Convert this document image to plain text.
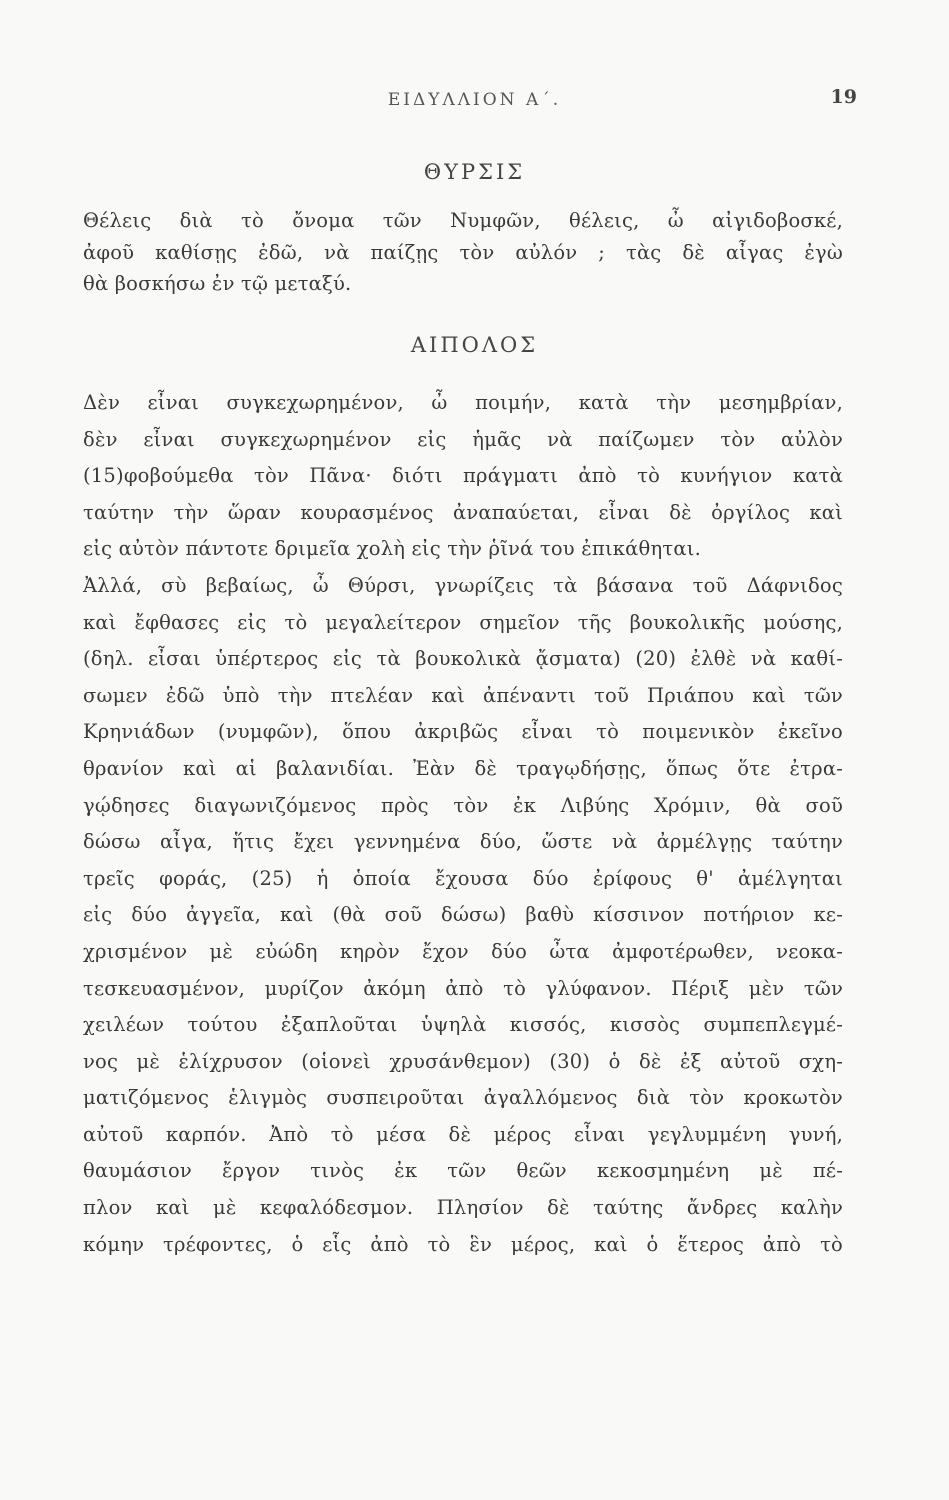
ΕΙΔΥΛΛΙΟΝ Α΄.	19
ΘΥΡΣΙΣ
Θέλεις διὰ τὸ ὄνομα τῶν Νυμφῶν, θέλεις, ὦ αἰγιδοβοσκέ,
ἀφοῦ καθίσῃς ἐδῶ, νὰ παίζῃς τὸν αὐλόν ; τὰς δὲ αἶγας ἐγὼ
θὰ βοσκήσω ἐν τῷ μεταξύ.
ΑΙΠΟΛΟΣ
Δὲν εἶναι συγκεχωρημένον, ὦ ποιμήν, κατὰ τὴν μεσημβρίαν,
δὲν εἶναι συγκεχωρημένον εἰς ἡμᾶς νὰ παίζωμεν τὸν αὐλὸν
(15)φοβούμεθα τὸν Πᾶνα· διότι πράγματι ἀπὸ τὸ κυνήγιον κατὰ
ταύτην τὴν ὥραν κουρασμένος ἀναπαύεται, εἶναι δὲ ὀργίλος καὶ
εἰς αὐτὸν πάντοτε δριμεῖα χολὴ εἰς τὴν ῥῖνά του ἐπικάθηται.
Ἀλλά, σὺ βεβαίως, ὦ Θύρσι, γνωρίζεις τὰ βάσανα τοῦ Δάφνιδος
καὶ ἔφθασες εἰς τὸ μεγαλείτερον σημεῖον τῆς βουκολικῆς μούσης,
(δηλ. εἶσαι ὑπέρτερος εἰς τὰ βουκολικὰ ᾄσματα) (20) ἐλθὲ νὰ καθί-
σωμεν ἐδῶ ὑπὸ τὴν πτελέαν καὶ ἀπέναντι τοῦ Πριάπου καὶ τῶν
Κρηνιάδων (νυμφῶν), ὅπου ἀκριβῶς εἶναι τὸ ποιμενικὸν ἐκεῖνο
θρανίον καὶ αἱ βαλανιδίαι. Ἐὰν δὲ τραγῳδήσῃς, ὅπως ὅτε ἐτρα-
γῴδησες διαγωνιζόμενος πρὸς τὸν ἐκ Λιβύης Χρόμιν, θὰ σοῦ
δώσω αἶγα, ἥτις ἔχει γεννημένα δύο, ὥστε νὰ ἀρμέλγῃς ταύτην
τρεῖς φοράς, (25) ἡ ὁποία ἔχουσα δύο ἐρίφους θ' ἀμέλγηται
εἰς δύο ἀγγεῖα, καὶ (θὰ σοῦ δώσω) βαθὺ κίσσινον ποτήριον κε-
χρισμένον μὲ εὐώδη κηρὸν ἔχον δύο ὦτα ἀμφοτέρωθεν, νεοκα-
τεσκευασμένον, μυρίζον ἀκόμη ἀπὸ τὸ γλύφανον. Πέριξ μὲν τῶν
χειλέων τούτου ἐξαπλοῦται ὑψηλὰ κισσός, κισσὸς συμπεπλεγμέ-
νος μὲ ἑλίχρυσον (οἱονεὶ χρυσάνθεμον) (30) ὁ δὲ ἐξ αὐτοῦ σχη-
ματιζόμενος ἑλιγμὸς συσπειροῦται ἀγαλλόμενος διὰ τὸν κροκωτὸν
αὐτοῦ καρπόν. Ἀπὸ τὸ μέσα δὲ μέρος εἶναι γεγλυμμένη γυνή,
θαυμάσιον ἔργον τινὸς ἐκ τῶν θεῶν κεκοσμημένη μὲ πέ-
πλον καὶ μὲ κεφαλόδεσμον. Πλησίον δὲ ταύτης ἄνδρες καλὴν
κόμην τρέφοντες, ὁ εἷς ἀπὸ τὸ ἓν μέρος, καὶ ὁ ἕτερος ἀπὸ τὸ
